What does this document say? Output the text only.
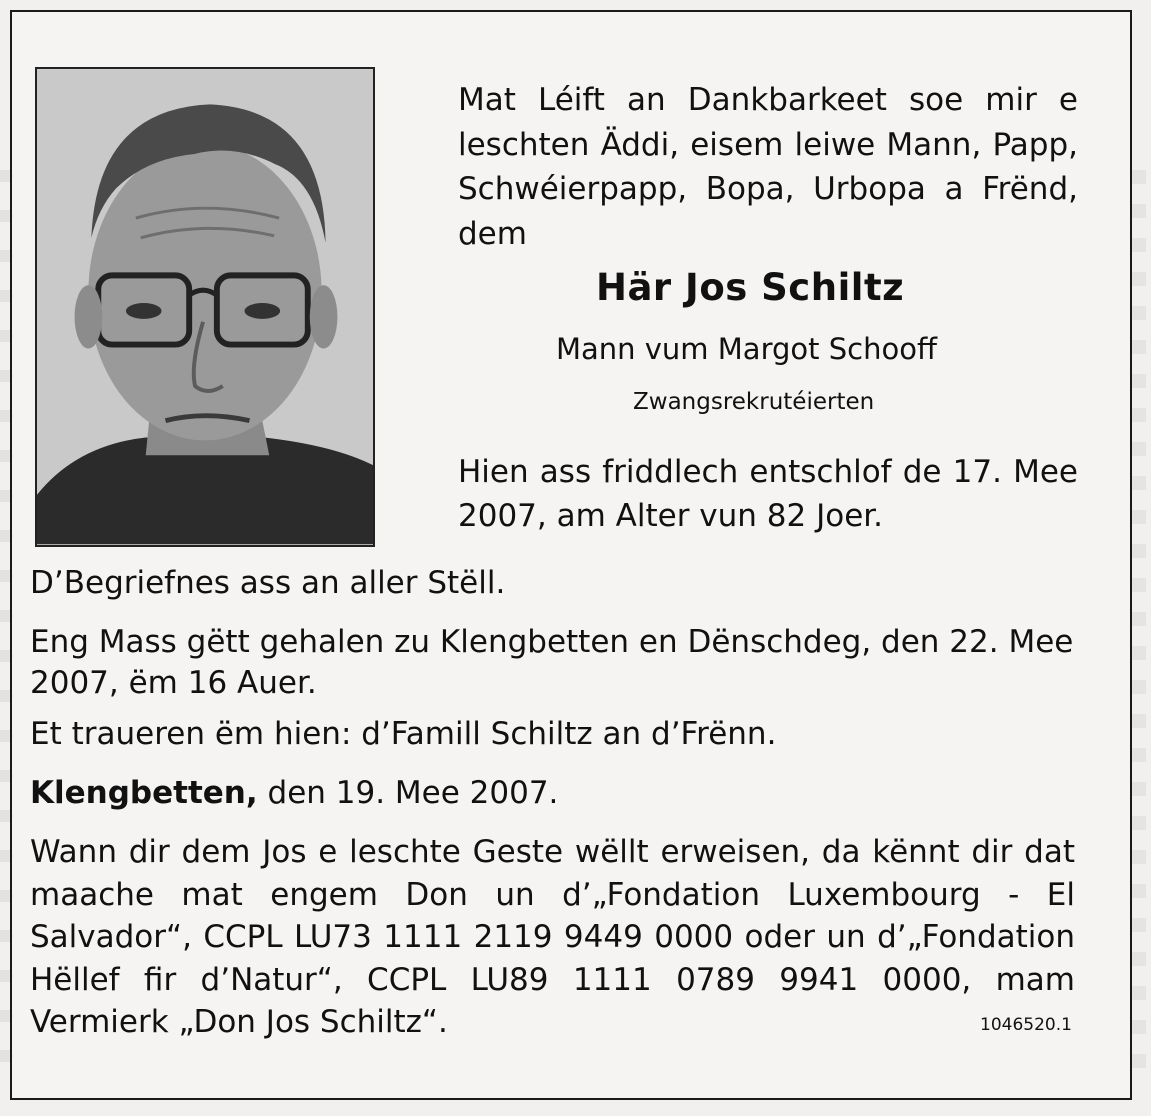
Mat Léift an Dankbarkeet soe mir e leschten Äddi, eisem leiwe Mann, Papp, Schwéierpapp, Bopa, Urbopa a Frënd, dem

Här Jos Schiltz

Mann vum Margot Schooff

Zwangsrekrutéierten

Hien ass friddlech entschlof de 17. Mee 2007, am Alter vun 82 Joer.

D’Begriefnes ass an aller Stëll.

Eng Mass gëtt gehalen zu Klengbetten en Dënschdeg, den 22. Mee 2007, ëm 16 Auer.

Et traueren ëm hien: d’Famill Schiltz an d’Frënn.

Klengbetten, den 19. Mee 2007.

Wann dir dem Jos e leschte Geste wëllt erweisen, da kënnt dir dat maache mat engem Don un d’„Fondation Luxembourg - El Salvador“, CCPL LU73 1111 2119 9449 0000 oder un d’„Fondation Hëllef fir d’Natur“, CCPL LU89 1111 0789 9941 0000, mam Vermierk „Don Jos Schiltz“.	1046520.1
